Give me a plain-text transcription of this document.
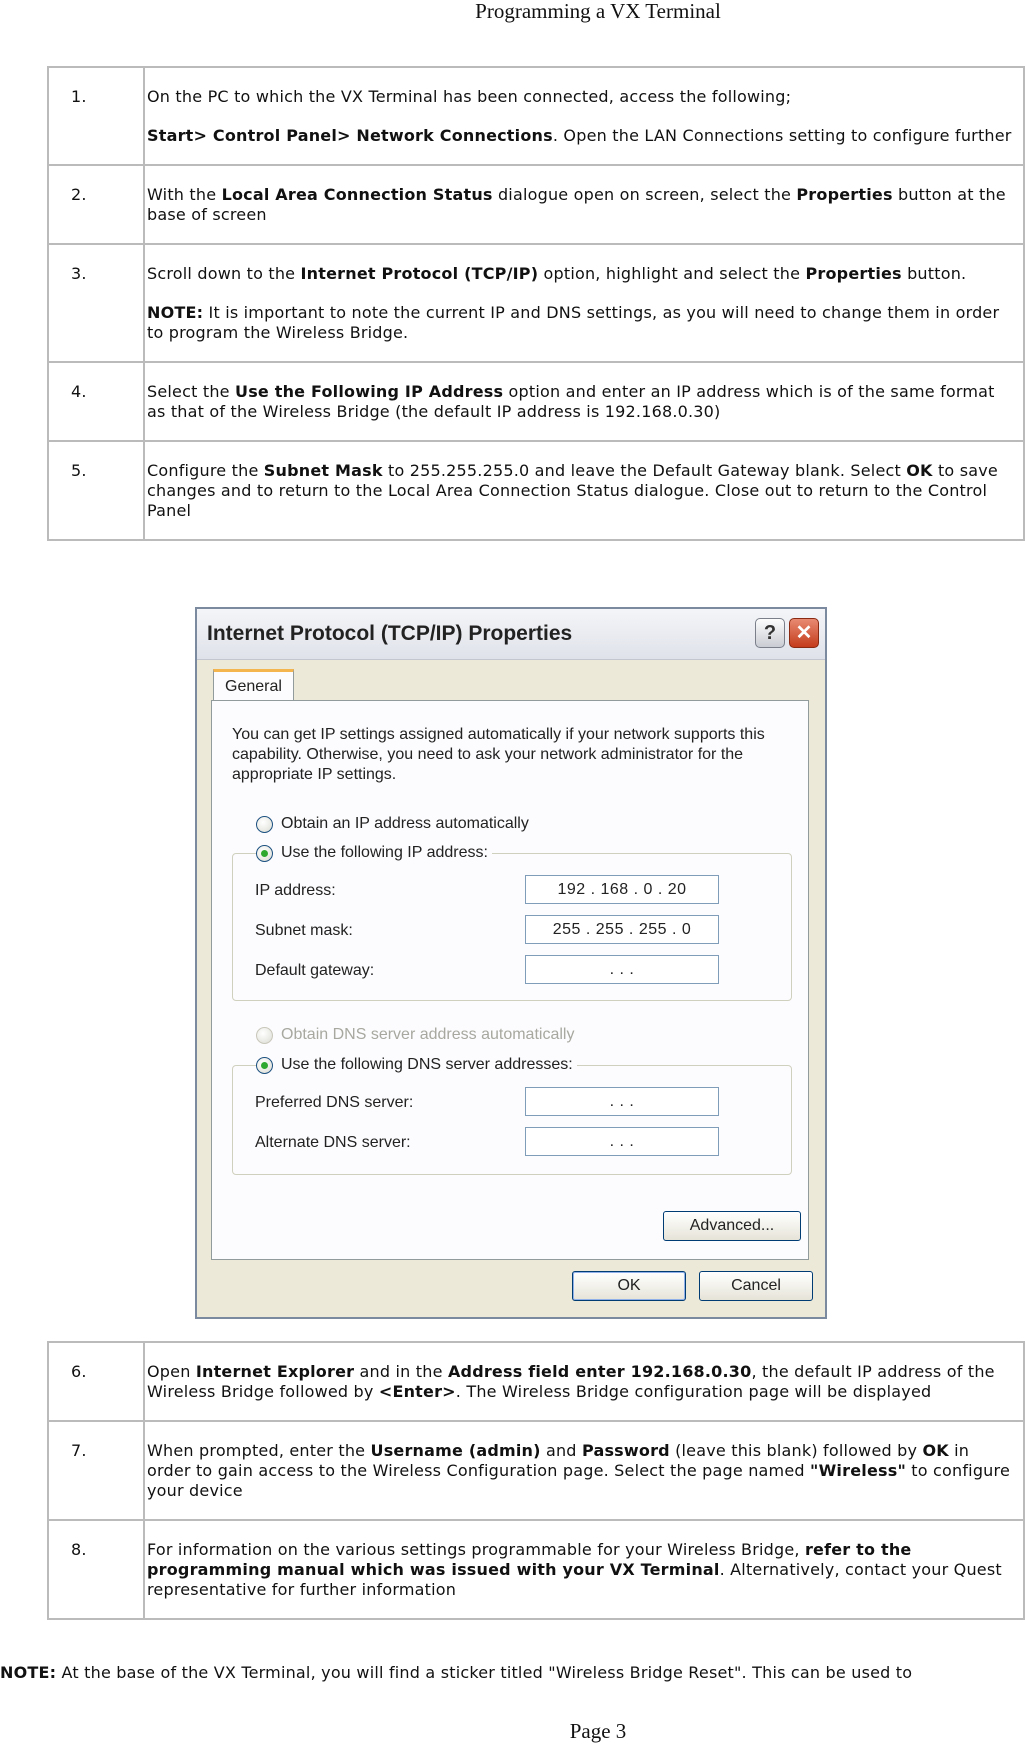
Programming a VX Terminal
1.	On the PC to which the VX Terminal has been connected, access the following;

Start> Control Panel> Network Connections. Open the LAN Connections setting to configure further

2.	With the Local Area Connection Status dialogue open on screen, select the Properties button at the base of screen

3.	Scroll down to the Internet Protocol (TCP/IP) option, highlight and select the Properties button.

NOTE: It is important to note the current IP and DNS settings, as you will need to change them in order to program the Wireless Bridge.

4.	Select the Use the Following IP Address option and enter an IP address which is of the same format as that of the Wireless Bridge (the default IP address is 192.168.0.30)

5.	Configure the Subnet Mask to 255.255.255.0 and leave the Default Gateway blank. Select OK to save changes and to return to the Local Area Connection Status dialogue. Close out to return to the Control Panel

Internet Protocol (TCP/IP) Properties	? ✕
General
You can get IP settings assigned automatically if your network supports this capability. Otherwise, you need to ask your network administrator for the appropriate IP settings.
Obtain an IP address automatically
IP address:	192 . 168 . 0 . 20
Subnet mask:	255 . 255 . 255 . 0
Default gateway:	. . .
Use the following IP address:
Obtain DNS server address automatically
Preferred DNS server:	. . .
Alternate DNS server:	. . .
Use the following DNS server addresses:
Advanced...
OK	Cancel
6.	Open Internet Explorer and in the Address field enter 192.168.0.30, the default IP address of the Wireless Bridge followed by <Enter>. The Wireless Bridge configuration page will be displayed

7.	When prompted, enter the Username (admin) and Password (leave this blank) followed by OK in order to gain access to the Wireless Configuration page. Select the page named "Wireless" to configure your device

8.	For information on the various settings programmable for your Wireless Bridge, refer to the programming manual which was issued with your VX Terminal. Alternatively, contact your Quest representative for further information

NOTE: At the base of the VX Terminal, you will find a sticker titled "Wireless Bridge Reset". This can be used to
Page 3
